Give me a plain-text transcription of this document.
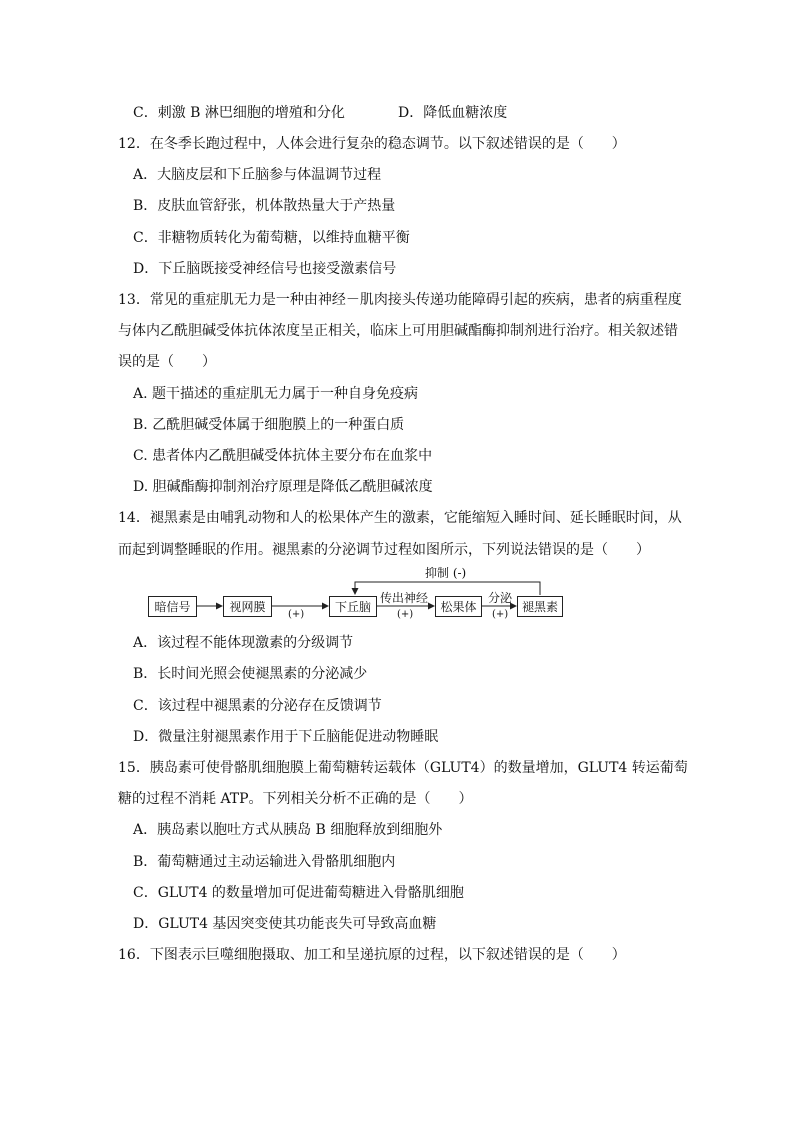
C．刺激 B 淋巴细胞的增殖和分化	D．降低血糖浓度
12．在冬季长跑过程中，人体会进行复杂的稳态调节。以下叙述错误的是（　　）
A．大脑皮层和下丘脑参与体温调节过程
B．皮肤血管舒张，机体散热量大于产热量
C．非糖物质转化为葡萄糖，以维持血糖平衡
D．下丘脑既接受神经信号也接受激素信号
13．常见的重症肌无力是一种由神经－肌肉接头传递功能障碍引起的疾病，患者的病重程度
与体内乙酰胆碱受体抗体浓度呈正相关，临床上可用胆碱酯酶抑制剂进行治疗。相关叙述错
误的是（　　）
A. 题干描述的重症肌无力属于一种自身免疫病
B. 乙酰胆碱受体属于细胞膜上的一种蛋白质
C. 患者体内乙酰胆碱受体抗体主要分布在血浆中
D. 胆碱酯酶抑制剂治疗原理是降低乙酰胆碱浓度
14．褪黑素是由哺乳动物和人的松果体产生的激素，它能缩短入睡时间、延长睡眠时间，从
而起到调整睡眠的作用。褪黑素的分泌调节过程如图所示，下列说法错误的是（　　）
暗信号	视网膜	下丘脑	松果体	褪黑素
抑制 (-)
传出神经	分泌
(+)	(+)	(+)
A．该过程不能体现激素的分级调节
B．长时间光照会使褪黑素的分泌减少
C．该过程中褪黑素的分泌存在反馈调节
D．微量注射褪黑素作用于下丘脑能促进动物睡眠
15．胰岛素可使骨骼肌细胞膜上葡萄糖转运载体（GLUT4）的数量增加，GLUT4 转运葡萄
糖的过程不消耗 ATP。下列相关分析不正确的是（　　）
A．胰岛素以胞吐方式从胰岛 B 细胞释放到细胞外
B．葡萄糖通过主动运输进入骨骼肌细胞内
C．GLUT4 的数量增加可促进葡萄糖进入骨骼肌细胞
D．GLUT4 基因突变使其功能丧失可导致高血糖
16．下图表示巨噬细胞摄取、加工和呈递抗原的过程，以下叙述错误的是（　　）
